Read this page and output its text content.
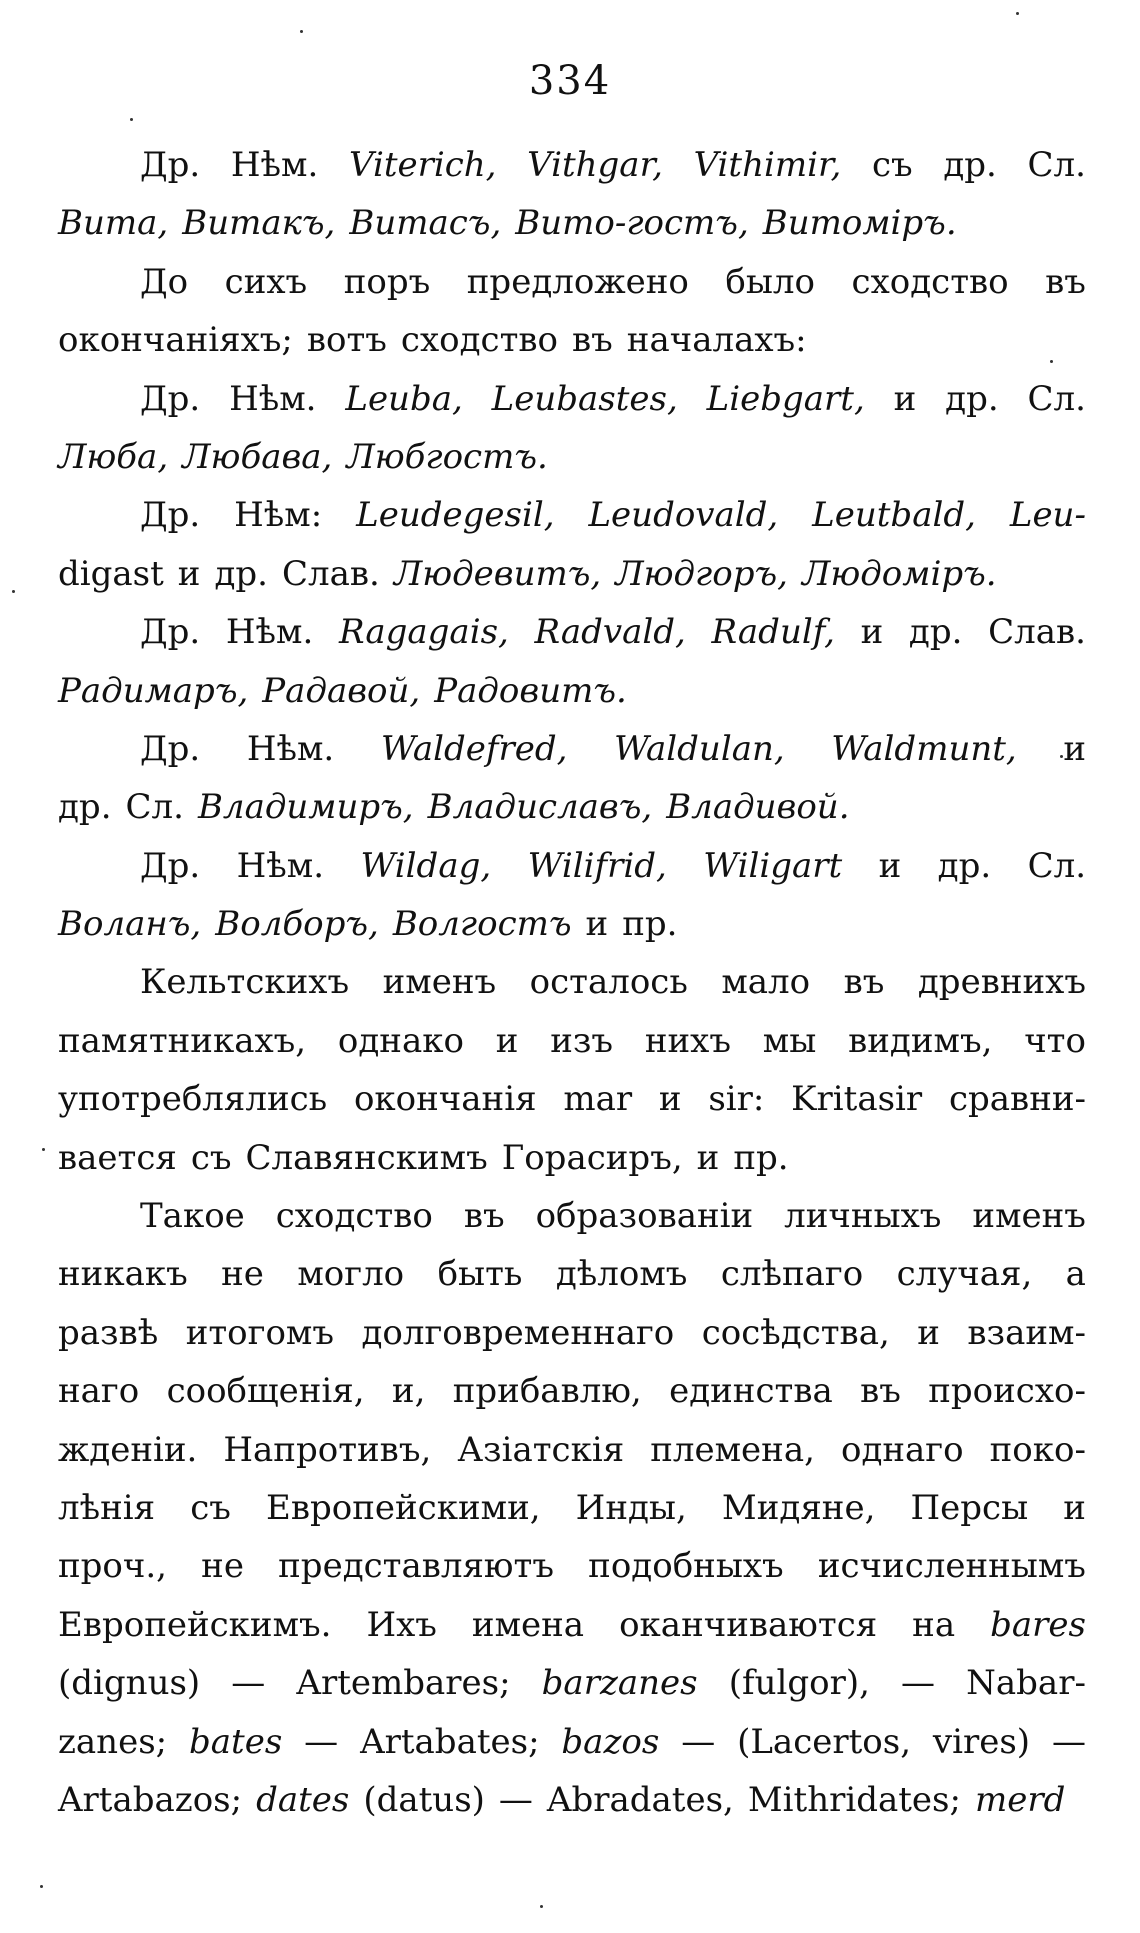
334
Др. Нѣм. Viterich, Vithgar, Vithimir, съ др. Сл.
Вита, Витакъ, Витасъ, Вито-гостъ, Витоміръ.
До сихъ поръ предложено было сходство въ
окончаніяхъ; вотъ сходство въ началахъ:
Др. Нѣм. Leuba, Leubastes, Liebgart, и др. Сл.
Люба, Любава, Любгостъ.
Др. Нѣм: Leudegesil, Leudovald, Leutbald, Leu-
digast и др. Слав. Людевитъ, Людгоръ, Людоміръ.
Др. Нѣм. Ragagais, Radvald, Radulf, и др. Слав.
Радимаръ, Радавой, Радовитъ.
Др. Нѣм. Waldefred, Waldulan, Waldmunt, и
др. Сл. Владимиръ, Владиславъ, Владивой.
Др. Нѣм. Wildag, Wilifrid, Wiligart и др. Сл.
Воланъ, Волборъ, Волгостъ и пр.
Кельтскихъ именъ осталось мало въ древнихъ
памятникахъ, однако и изъ нихъ мы видимъ, что
употреблялись окончанія mar и sir: Kritasir сравни-
вается съ Славянскимъ Горасиръ, и пр.
Такое сходство въ образованіи личныхъ именъ
никакъ не могло быть дѣломъ слѣпаго случая, а
развѣ итогомъ долговременнаго сосѣдства, и взаим-
наго сообщенія, и, прибавлю, единства въ происхо-
жденіи. Напротивъ, Азіатскія племена, однаго поко-
лѣнія съ Европейскими, Инды, Мидяне, Персы и
проч., не представляютъ подобныхъ исчисленнымъ
Европейскимъ. Ихъ имена оканчиваются на bares
(dignus) — Artembares; barzanes (fulgor), — Nabar-
zanes; bates — Artabates; bazos — (Lacertos, vires) —
Artabazos; dates (datus) — Abradates, Mithridates; merd
